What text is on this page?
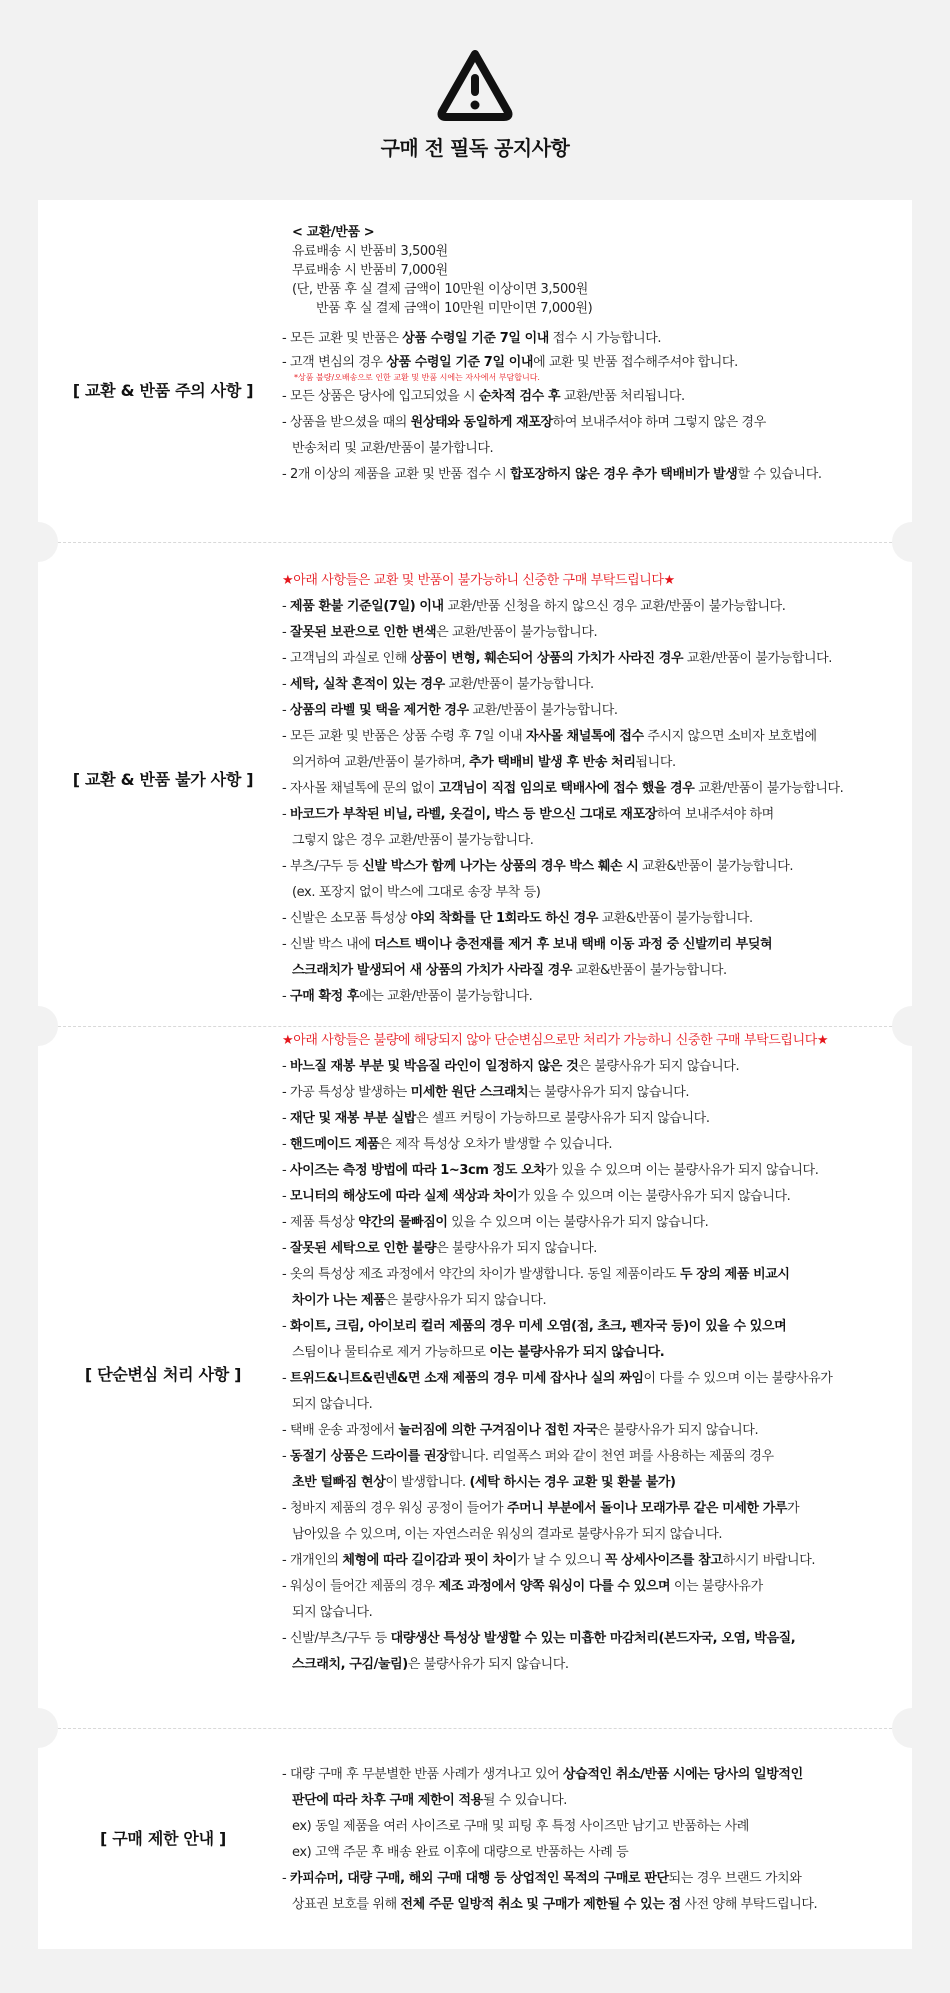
구매 전 필독 공지사항
[ 교환 & 반품 주의 사항 ]
< 교환/반품 >
유료배송 시 반품비 3,500원
무료배송 시 반품비 7,000원
(단, 반품 후 실 결제 금액이 10만원 이상이면 3,500원
반품 후 실 결제 금액이 10만원 미만이면 7,000원)
- 모든 교환 및 반품은 상품 수령일 기준 7일 이내 접수 시 가능합니다.
- 고객 변심의 경우 상품 수령일 기준 7일 이내에 교환 및 반품 접수해주셔야 합니다.
*상품 불량/오배송으로 인한 교환 및 반품 시에는 자사에서 부담합니다.
- 모든 상품은 당사에 입고되었을 시 순차적 검수 후 교환/반품 처리됩니다.
- 상품을 받으셨을 때의 원상태와 동일하게 재포장하여 보내주셔야 하며 그렇지 않은 경우
반송처리 및 교환/반품이 불가합니다.
- 2개 이상의 제품을 교환 및 반품 접수 시 합포장하지 않은 경우 추가 택배비가 발생할 수 있습니다.
[ 교환 & 반품 불가 사항 ]
★아래 사항들은 교환 및 반품이 불가능하니 신중한 구매 부탁드립니다★
- 제품 환불 기준일(7일) 이내 교환/반품 신청을 하지 않으신 경우 교환/반품이 불가능합니다.
- 잘못된 보관으로 인한 변색은 교환/반품이 불가능합니다.
- 고객님의 과실로 인해 상품이 변형, 훼손되어 상품의 가치가 사라진 경우 교환/반품이 불가능합니다.
- 세탁, 실착 흔적이 있는 경우 교환/반품이 불가능합니다.
- 상품의 라벨 및 택을 제거한 경우 교환/반품이 불가능합니다.
- 모든 교환 및 반품은 상품 수령 후 7일 이내 자사몰 채널톡에 접수 주시지 않으면 소비자 보호법에
의거하여 교환/반품이 불가하며, 추가 택배비 발생 후 반송 처리됩니다.
- 자사몰 채널톡에 문의 없이 고객님이 직접 임의로 택배사에 접수 했을 경우 교환/반품이 불가능합니다.
- 바코드가 부착된 비닐, 라벨, 옷걸이, 박스 등 받으신 그대로 재포장하여 보내주셔야 하며
그렇지 않은 경우 교환/반품이 불가능합니다.
- 부츠/구두 등 신발 박스가 함께 나가는 상품의 경우 박스 훼손 시 교환&반품이 불가능합니다.
(ex. 포장지 없이 박스에 그대로 송장 부착 등)
- 신발은 소모품 특성상 야외 착화를 단 1회라도 하신 경우 교환&반품이 불가능합니다.
- 신발 박스 내에 더스트 백이나 충전재를 제거 후 보내 택배 이동 과정 중 신발끼리 부딪혀
스크래치가 발생되어 새 상품의 가치가 사라질 경우 교환&반품이 불가능합니다.
- 구매 확정 후에는 교환/반품이 불가능합니다.
[ 단순변심 처리 사항 ]
★아래 사항들은 불량에 해당되지 않아 단순변심으로만 처리가 가능하니 신중한 구매 부탁드립니다★
- 바느질 재봉 부분 및 박음질 라인이 일정하지 않은 것은 불량사유가 되지 않습니다.
- 가공 특성상 발생하는 미세한 원단 스크래치는 불량사유가 되지 않습니다.
- 재단 및 재봉 부분 실밥은 셀프 커팅이 가능하므로 불량사유가 되지 않습니다.
- 핸드메이드 제품은 제작 특성상 오차가 발생할 수 있습니다.
- 사이즈는 측정 방법에 따라 1~3cm 정도 오차가 있을 수 있으며 이는 불량사유가 되지 않습니다.
- 모니터의 해상도에 따라 실제 색상과 차이가 있을 수 있으며 이는 불량사유가 되지 않습니다.
- 제품 특성상 약간의 물빠짐이 있을 수 있으며 이는 불량사유가 되지 않습니다.
- 잘못된 세탁으로 인한 불량은 불량사유가 되지 않습니다.
- 옷의 특성상 제조 과정에서 약간의 차이가 발생합니다. 동일 제품이라도 두 장의 제품 비교시
차이가 나는 제품은 불량사유가 되지 않습니다.
- 화이트, 크림, 아이보리 컬러 제품의 경우 미세 오염(점, 초크, 펜자국 등)이 있을 수 있으며
스팀이나 물티슈로 제거 가능하므로 이는 불량사유가 되지 않습니다.
- 트위드&니트&린넨&면 소재 제품의 경우 미세 잡사나 실의 짜임이 다를 수 있으며 이는 불량사유가
되지 않습니다.
- 택배 운송 과정에서 눌러짐에 의한 구겨짐이나 접힌 자국은 불량사유가 되지 않습니다.
- 동절기 상품은 드라이를 권장합니다. 리얼폭스 퍼와 같이 천연 퍼를 사용하는 제품의 경우
초반 털빠짐 현상이 발생합니다. (세탁 하시는 경우 교환 및 환불 불가)
- 청바지 제품의 경우 워싱 공정이 들어가 주머니 부분에서 돌이나 모래가루 같은 미세한 가루가
남아있을 수 있으며, 이는 자연스러운 워싱의 결과로 불량사유가 되지 않습니다.
- 개개인의 체형에 따라 길이감과 핏이 차이가 날 수 있으니 꼭 상세사이즈를 참고하시기 바랍니다.
- 워싱이 들어간 제품의 경우 제조 과정에서 양쪽 워싱이 다를 수 있으며 이는 불량사유가
되지 않습니다.
- 신발/부츠/구두 등 대량생산 특성상 발생할 수 있는 미흡한 마감처리(본드자국, 오염, 박음질,
스크래치, 구김/눌림)은 불량사유가 되지 않습니다.
[ 구매 제한 안내 ]
- 대량 구매 후 무분별한 반품 사례가 생겨나고 있어 상습적인 취소/반품 시에는 당사의 일방적인
판단에 따라 차후 구매 제한이 적용될 수 있습니다.
ex) 동일 제품을 여러 사이즈로 구매 및 피팅 후 특정 사이즈만 남기고 반품하는 사례
ex) 고액 주문 후 배송 완료 이후에 대량으로 반품하는 사례 등
- 카피슈머, 대량 구매, 해외 구매 대행 등 상업적인 목적의 구매로 판단되는 경우 브랜드 가치와
상표권 보호를 위해 전체 주문 일방적 취소 및 구매가 제한될 수 있는 점 사전 양해 부탁드립니다.
